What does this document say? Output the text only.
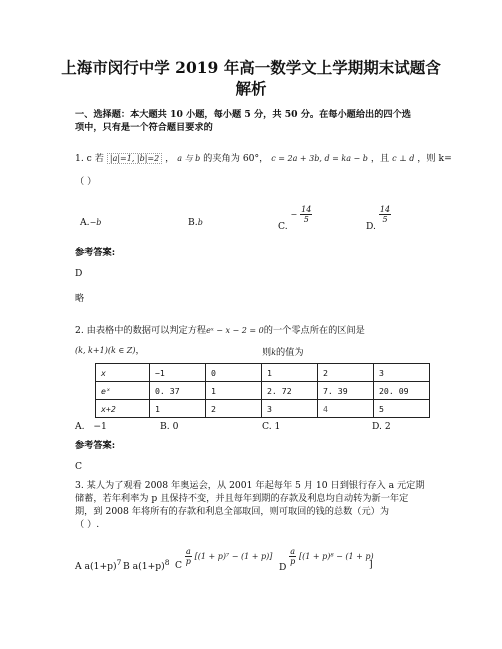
上海市闵行中学 2019 年高一数学文上学期期末试题含
解析
一、选择题：本大题共 10 小题，每小题 5 分，共 50 分。在每小题给出的四个选
项中，只有是一个符合题目要求的
1. c 若 |a|=1, |b|=2 ， a 与 b 的夹角为 60°， c = 2a + 3b, d = ka − b ，且 c ⊥ d ，则 k=
（ ）
A.−b	B.b	C. − $\frac{14}{5}$
D.
$\frac{14}{5}$
参考答案:
D
略
2. 由表格中的数据可以判定方程eˣ − x − 2 = 0的一个零点所在的区间是
(k, k+1)(k ∈ Z)，	则k的值为
x	−1	0	1	2	3
eˣ	0. 37	1	2. 72	7. 39	20. 09
x+2	1	2	3	4	5
A. −1	B. 0	C. 1	D. 2
参考答案:
C
3. 某人为了观看 2008 年奥运会，从 2001 年起每年 5 月 10 日到银行存入 a 元定期
储蓄，若年利率为 p 且保持不变，并且每年到期的存款及利息均自动转为新一年定
期，到 2008 年将所有的存款和利息全部取回，则可取回的钱的总数（元）为
（ ）.
A $a(1+p)^7$ B $a(1+p)^8$ C $\frac{a}{p} [(1 + p)^7 - (1 + p)]$
D
$\frac{a}{p} [(1 + p)^8 - (1 + p)$
]
